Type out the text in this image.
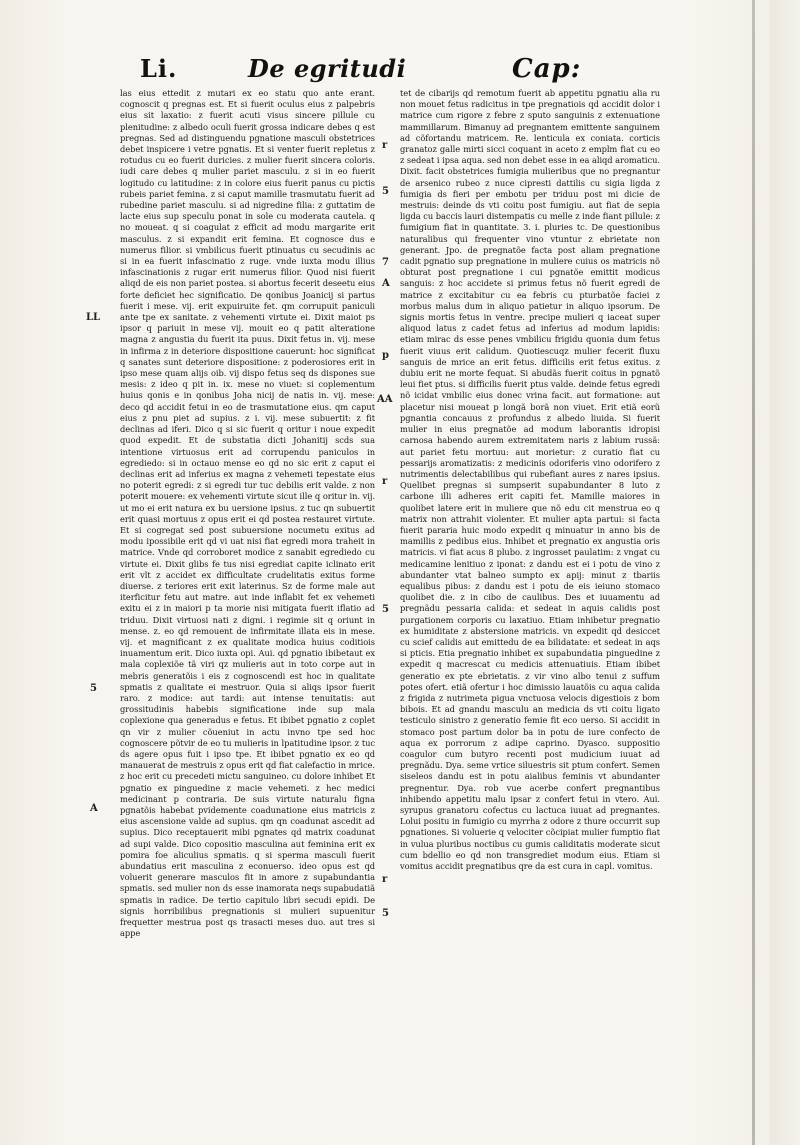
Li.	De egritudi	Cap:
LL
5
A
r
5
7
A
p
AA
r
5
r
5
las eius ettedit z mutari ex eo statu quo ante erant. cognoscit q pregnas est. Et si fuerit oculus eius z palpebris eius sit laxatio: z fuerit acuti visus sincere pillule cu plenitudine: z albedo oculi fuerit grossa indicare debes q est pregnas. Sed ad distinguendu pgnatione masculi obstetrices debet inspicere i vetre pgnatis. Et si venter fuerit repletus z rotudus cu eo fuerit duricies. z mulier fuerit sincera coloris. iudi care debes q mulier pariet masculu. z si in eo fuerit logitudo cu latitudine: z in colore eius fuerit panus cu pictis rubeis pariet femina. z si caput mamille trasmutatu fuerit ad rubedine pariet masculu. si ad nigredine filia: z guttatim de lacte eius sup speculu ponat in sole cu moderata cautela. q no moueat. q si coagulat z efficit ad modu margarite erit masculus. z si expandit erit femina. Et cognosce dus e numerus filior. si vmbilicus fuerit ptinuatus cu secudinis ac si in ea fuerit infascinatio z ruge. vnde iuxta modu illius infascinationis z rugar erit numerus filior. Quod nisi fuerit aliqd de eis non pariet postea. si abortus fecerit deseetu eius forte deficiet hec significatio. De qonibus Joanicij si partus fuerit i mese. vij. erit expuiruite fet. qm corrupuit paniculi ante tpe ex sanitate. z vehementi virtute ei. Dixit maiot ps ipsor q pariuit in mese vij. mouit eo q patit alteratione magna z angustia du fuerit ita puus. Dixit fetus in. vij. mese in infirma z in deteriore dispositione cauerunt: hoc significat q sanates sunt deteriore dispositione: z poderosiores erit in ipso mese quam alijs oib. vij dispo fetus seq ds dispones sue mesis: z ideo q pit in. ix. mese no viuet: si coplementum huius qonis e in qonibus Joha nicij de natis in. vij. mese: deco qd accidit fetui in eo de trasmutatione eius. qm caput eius z pnu piet ad supius. z i. vij. mese subuertit: z fit declinas ad iferi. Dico q si sic fuerit q oritur i noue expedit quod expedit. Et de substatia dicti Johanitij scds sua intentione virtuosus erit ad corrupendu paniculos in egrediedo: si in octauo mense eo qd no sic erit z caput ei declinas erit ad inferius ex magna z vehemeti tepestate eius no poterit egredi: z si egredi tur tuc debilis erit valde. z non poterit mouere: ex vehementi virtute sicut ille q oritur in. vij. ut mo ei erit natura ex bu uersione ipsius. z tuc qn subuertit erit quasi mortuus z opus erit ei qd postea restauret virtute. Et si cogregat sed post subuersione nocumetu exitus ad modu ipossibile erit qd vi uat nisi fiat egredi mora traheit in matrice. Vnde qd corroboret modice z sanabit egrediedo cu virtute ei. Dixit glibs fe tus nisi egrediat capite iclinato erit erit vlt z accidet ex difficultate crudelitatis exitus forme diuerse. z teriores erit exit laterinus. Sz de forme male aut iterficitur fetu aut matre. aut inde inflabit fet ex vehemeti exitu ei z in maiori p ta morie nisi mitigata fuerit iflatio ad triduu. Dixit virtuosi nati z digni. i regimie sit q oriunt in mense. z. eo qd remouent de infirmitate illata eis in mese. vij. et magnificant z ex qualitate modica huius coditiois inuamentum erit. Dico iuxta opi. Aui. qd pgnatio ibibetaut ex mala coplexiõe tã viri qz mulieris aut in toto corpe aut in mebris generatõis i eis z cognoscendi est hoc in qualitate spmatis z qualitate ei mestruor. Quia si aliqs ipsor fuerit raro. z modice: aut tardi: aut intense tenuitatis: aut grossitudinis habebis significatione inde sup mala coplexione qua generadus e fetus. Et ibibet pgnatio z coplet qn vir z mulier cõueniut in actu invno tpe sed hoc cognoscere põtvir de eo tu mulieris in lpatitudine ipsor. z tuc ds agere opus fuit i ipso tpe. Et ibibet pgnatio ex eo qd manauerat de mestruis z opus erit qd fiat calefactio in mrice. z hoc erit cu precedeti mictu sanguineo. cu dolore inhibet Et pgnatio ex pinguedine z macie vehemeti. z hec medici medicinant p contraria. De suis virtute naturalu figna pgnatõis habebat pvidemente coadunatione eius matricis z eius ascensione valde ad supius. qm qn coadunat ascedit ad supius. Dico receptauerit mibi pgnates qd matrix coadunat ad supi valde. Dico copositio masculina aut feminina erit ex pomira foe aliculius spmatis. q si sperma masculi fuerit abundatius erit masculina z econuerso. ideo opus est qd voluerit generare masculos fit in amore z supabundantia spmatis. sed mulier non ds esse inamorata neqs supabudatiã spmatis in radice. De tertio capitulo libri secudi epidi. De signis horribilibus pregnationis si mulieri supuenitur frequetter mestrua post qs trasacti meses duo. aut tres si appe
tet de cibarijs qd remotum fuerit ab appetitu pgnatiu alia ru non mouet fetus radicitus in tpe pregnatiois qd accidit dolor i matrice cum rigore z febre z sputo sanguinis z extenuatione mammillarum. Bimanuy ad pregnantem emittente sanguinem ad cõfortandu matricem. Re. lenticula ex coniata. corticis granatoz galle mirti sicci coquant in aceto z emplm fiat cu eo z sedeat i ipsa aqua. sed non debet esse in ea aliqd aromaticu. Dixit. facit obstetrices fumigia mulieribus que no pregnantur de arsenico rubeo z nuce cipresti dattilis cu sigia ligda z fumigia ds fieri per embotu per triduu post mi dicie de mestruis: deinde ds vti coitu post fumigiu. aut fiat de sepia ligda cu baccis lauri distempatis cu melle z inde fiant pillule: z fumigium fiat in quantitate. 3. i. pluries tc. De questionibus naturalibus qui frequenter vino vtuntur z ebrietate non generant. Jpo. de pregnatõe facta post aliam pregnatione cadit pgnatio sup pregnatione in muliere cuius os matricis nõ obturat post pregnatione i cui pgnatõe emittit modicus sanguis: z hoc accidete si primus fetus nõ fuerit egredi de matrice z excitabitur cu ea febris cu pturbatõe faciei z morbus malus dum in aliquo patietur in aliquo ipsorum. De signis mortis fetus in ventre. precipe mulieri q iaceat super aliquod latus z cadet fetus ad inferius ad modum lapidis: etiam mirac ds esse penes vmbilicu frigidu quonia dum fetus fuerit viuus erit calidum. Quotiescuqz mulier fecerit fluxu sanguis de mrice an erit fetus. difficilis erit fetus exitus. z dubiu erit ne morte fequat. Si abudãs fuerit coitus in pgnatõ leui fiet ptus. si difficilis fuerit ptus valde. deinde fetus egredi nõ icidat vmbilic eius donec vrina facit. aut formatione: aut placetur nisi moueat p longã borã non viuet. Erit etiã eorũ pgnantia concauus z profundus z albedo liuida. Si fuerit mulier in eius pregnatõe ad modum laborantis idropisi carnosa habendo aurem extremitatem naris z labium russã: aut pariet fetu mortuu: aut morietur: z curatio fiat cu pessarijs aromatizatis: z medicinis odoriferis vino odorifero z nutrimentis delectabilibus qui rubefiant aures z nares ipsius. Quelibet pregnas si sumpserit supabundanter 8 luto z carbone illi adheres erit capiti fet. Mamille maiores in quolibet latere erit in muliere que nõ edu cit menstrua eo q matrix non attrahit violenter. Et mulier apta partui: si facta fuerit pararia huic modo expedit q minuatur in anno bis de mamillis z pedibus eius. Inhibet et pregnatio ex angustia oris matricis. vi fiat acus 8 plubo. z ingrosset paulatim: z vngat cu medicamine lenitiuo z iponat: z dandu est ei i potu de vino z abundanter vtat balneo sumpto ex apij: minut z tbariis equalibus pibus: z dandu est i potu de eis ieiuno stomaco quolibet die. z in cibo de caulibus. Des et iuuamentu ad pregnãdu pessaria calida: et sedeat in aquis calidis post purgationem corporis cu laxatiuo. Etiam inhibetur pregnatio ex humiditate z abstersione matricis. vn expedit qd desiccet cu scief calidis aut emittedu de ea bilidatate: et sedeat in aqs si pticis. Etia pregnatio inhibet ex supabundatia pinguedine z expedit q macrescat cu medicis attenuatiuis. Etiam ibibet generatio ex pte ebrietatis. z vir vino albo tenui z suffum potes ofert. etiã ofertur i hoc dimissio lauatõis cu aqua calida z frigida z nutrimeta pigua vnctuosa velocis digestiois z bom bibois. Et ad gnandu masculu an medicia ds vti coitu ligato testiculo sinistro z generatio femie fit eco uerso. Si accidit in stomaco post partum dolor ba in potu de iure confecto de aqua ex porrorum z adipe caprino. Dyasco. suppositio coagulor cum butyro recenti post mudicium iuuat ad pregnãdu. Dya. seme vrtice siluestris sit ptum confert. Semen siseleos dandu est in potu aialibus feminis vt abundanter pregnentur. Dya. rob vue acerbe confert pregnantibus inhibendo appetitu malu ipsar z confert fetui in vtero. Aui. syrupus granatoru cofectus cu lactuca iuuat ad pregnantes. Lolui positu in fumigio cu myrrha z odore z thure occurrit sup pgnationes. Si voluerie q velociter cõcipiat mulier fumptio fiat in vulua pluribus noctibus cu gumis caliditatis moderate sicut cum bdellio eo qd non transgrediet modum eius. Etiam si vomitus accidit pregnatibus qre da est cura in capl. vomitus.
